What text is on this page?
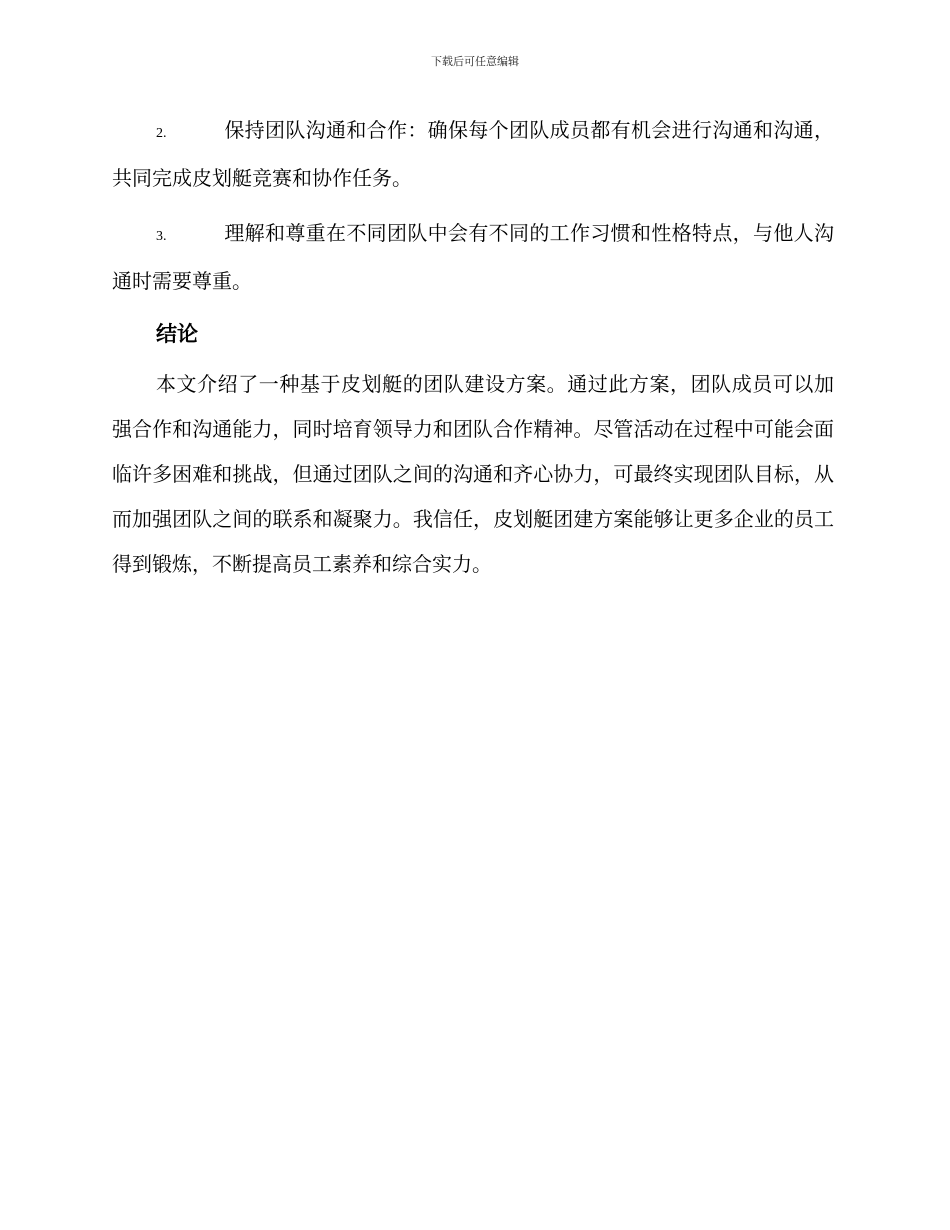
下载后可任意编辑

2.	保持团队沟通和合作：确保每个团队成员都有机会进行沟通和沟通，共同完成皮划艇竞赛和协作任务。

3.	理解和尊重在不同团队中会有不同的工作习惯和性格特点，与他人沟通时需要尊重。

结论

本文介绍了一种基于皮划艇的团队建设方案。通过此方案，团队成员可以加强合作和沟通能力，同时培育领导力和团队合作精神。尽管活动在过程中可能会面临许多困难和挑战，但通过团队之间的沟通和齐心协力，可最终实现团队目标，从而加强团队之间的联系和凝聚力。我信任，皮划艇团建方案能够让更多企业的员工得到锻炼，不断提高员工素养和综合实力。
